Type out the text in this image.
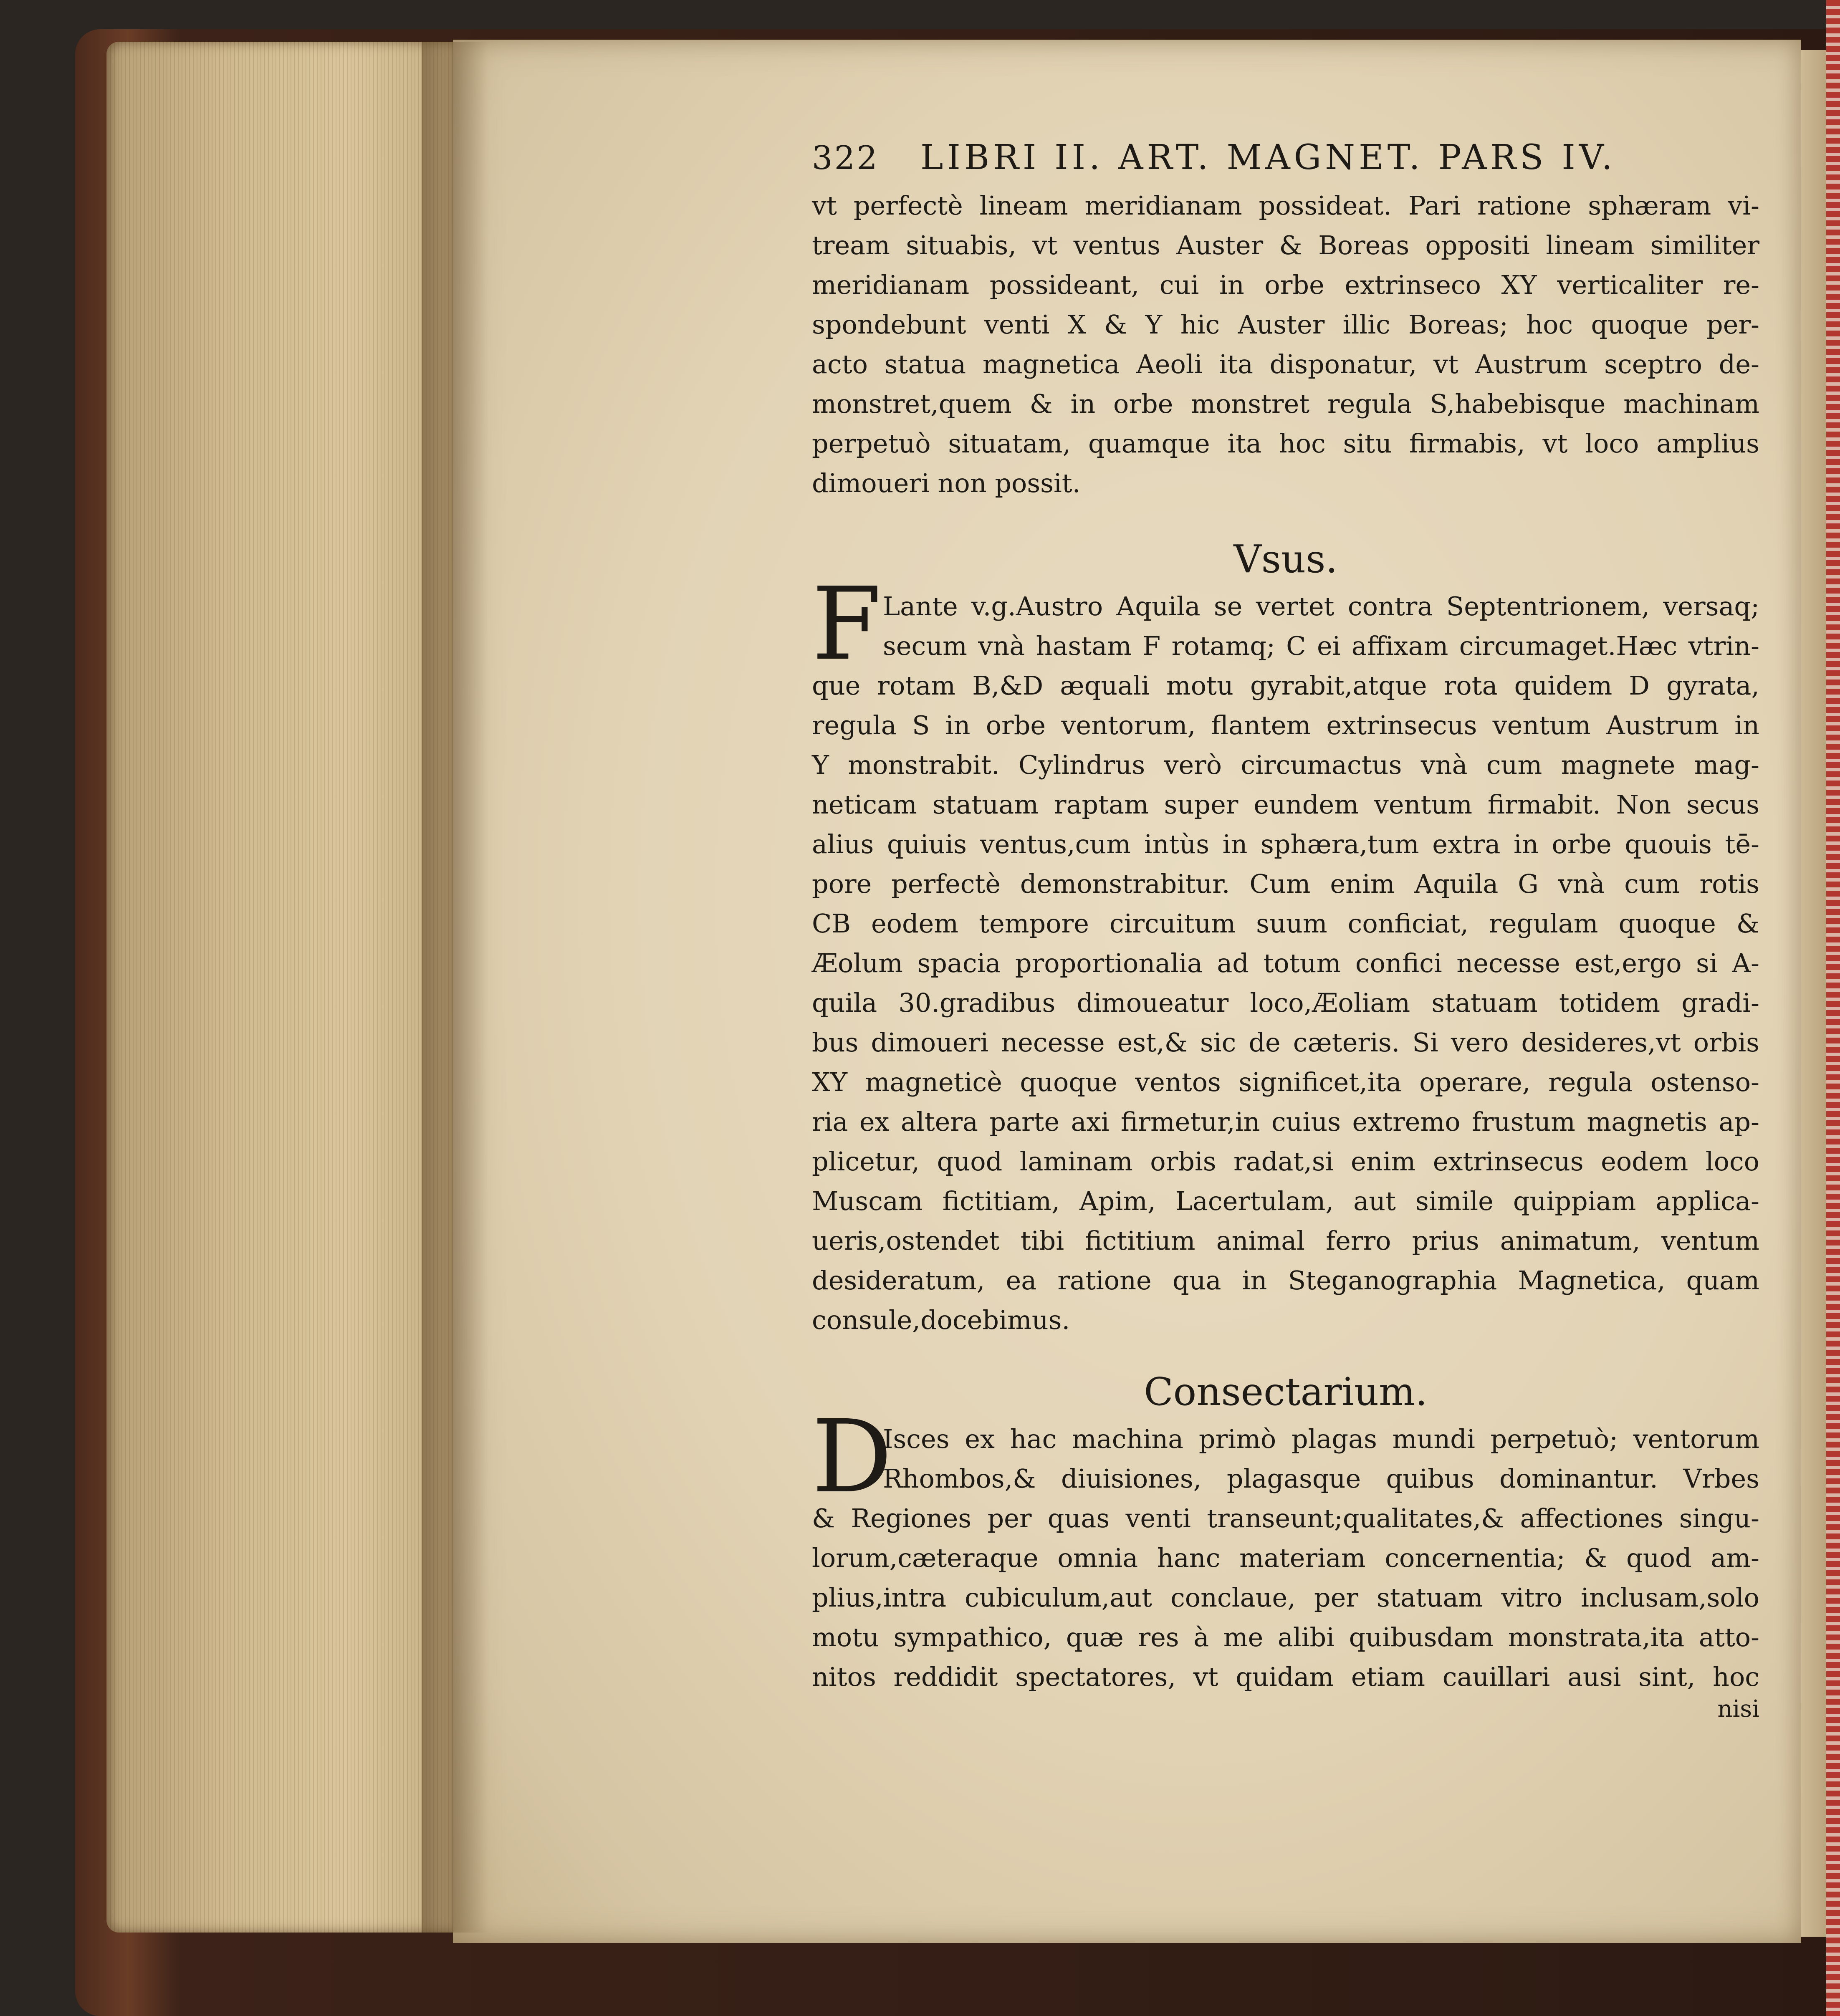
322	LIBRI II. ART. MAGNET. PARS IV.
vt perfectè lineam meridianam possideat. Pari ratione sphæram vi-
tream situabis, vt ventus Auster & Boreas oppositi lineam similiter
meridianam possideant, cui in orbe extrinseco XY verticaliter re-
spondebunt venti X & Y hic Auster illic Boreas; hoc quoque per-
acto statua magnetica Aeoli ita disponatur, vt Austrum sceptro de-
monstret,quem & in orbe monstret regula S,habebisque machinam
perpetuò situatam, quamque ita hoc situ firmabis, vt loco amplius
dimoueri non possit.
Vsus.
F Lante v.g.Austro Aquila se vertet contra Septentrionem, versaq;
secum vnà hastam F rotamq; C ei affixam circumaget.Hæc vtrin-
que rotam B,&D æquali motu gyrabit,atque rota quidem D gyrata,
regula S in orbe ventorum, flantem extrinsecus ventum Austrum in
Y monstrabit. Cylindrus verò circumactus vnà cum magnete mag-
neticam statuam raptam super eundem ventum firmabit. Non secus
alius quiuis ventus,cum intùs in sphæra,tum extra in orbe quouis tē-
pore perfectè demonstrabitur. Cum enim Aquila G vnà cum rotis
CB eodem tempore circuitum suum conficiat, regulam quoque &
Æolum spacia proportionalia ad totum confici necesse est,ergo si A-
quila 30.gradibus dimoueatur loco,Æoliam statuam totidem gradi-
bus dimoueri necesse est,& sic de cæteris. Si vero desideres,vt orbis
XY magneticè quoque ventos significet,ita operare, regula ostenso-
ria ex altera parte axi firmetur,in cuius extremo frustum magnetis ap-
plicetur, quod laminam orbis radat,si enim extrinsecus eodem loco
Muscam fictitiam, Apim, Lacertulam, aut simile quippiam applica-
ueris,ostendet tibi fictitium animal ferro prius animatum, ventum
desideratum, ea ratione qua in Steganographia Magnetica, quam
consule,docebimus.
Consectarium.
D
Isces ex hac machina primò plagas mundi perpetuò; ventorum
Rhombos,& diuisiones, plagasque quibus dominantur. Vrbes
& Regiones per quas venti transeunt;qualitates,& affectiones singu-
lorum,cæteraque omnia hanc materiam concernentia; & quod am-
plius,intra cubiculum,aut conclaue, per statuam vitro inclusam,solo
motu sympathico, quæ res à me alibi quibusdam monstrata,ita atto-
nitos reddidit spectatores, vt quidam etiam cauillari ausi sint, hoc
nisi
